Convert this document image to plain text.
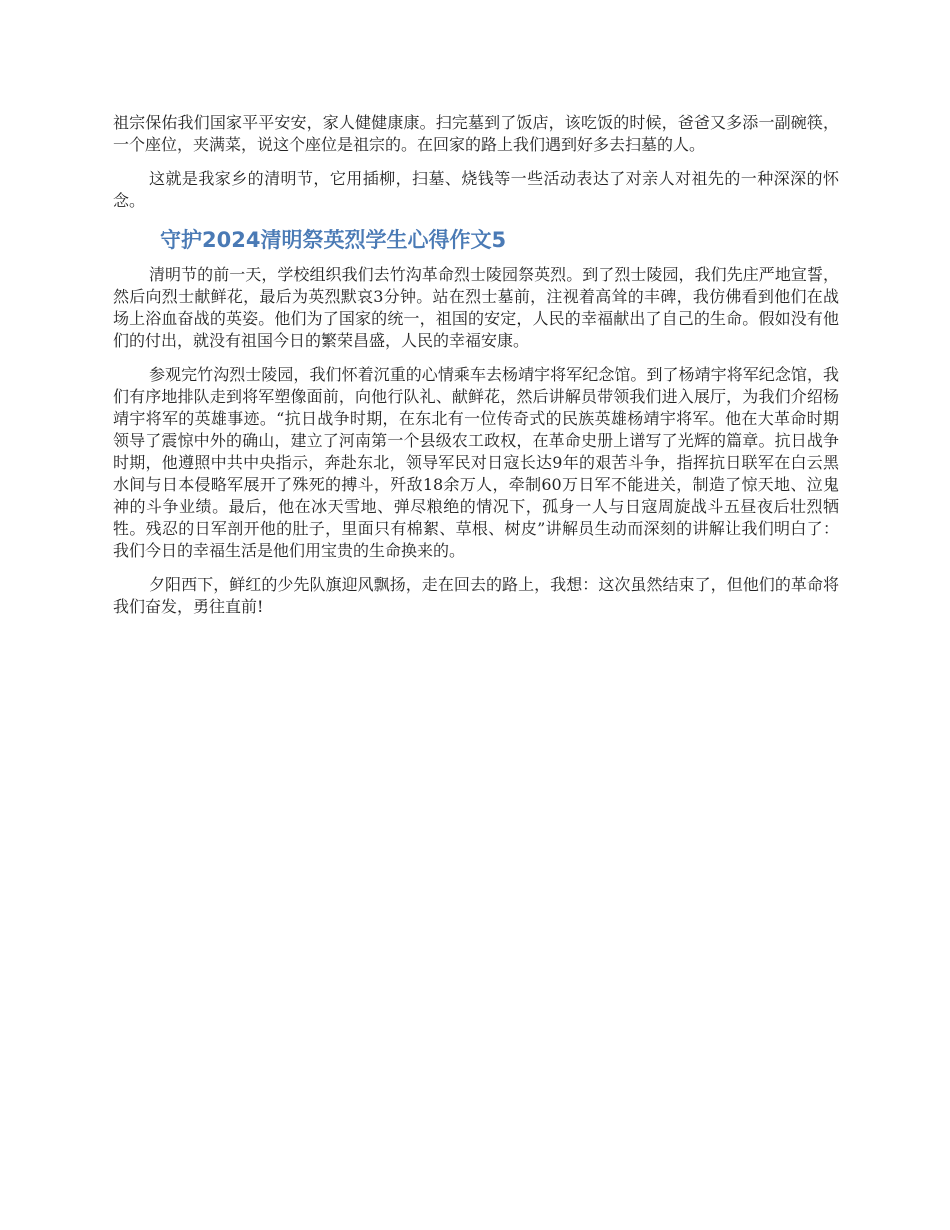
祖宗保佑我们国家平平安安，家人健健康康。扫完墓到了饭店，该吃饭的时候，爸爸又多添一副碗筷，一个座位，夹满菜，说这个座位是祖宗的。在回家的路上我们遇到好多去扫墓的人。

这就是我家乡的清明节，它用插柳，扫墓、烧钱等一些活动表达了对亲人对祖先的一种深深的怀念。

守护2024清明祭英烈学生心得作文5

清明节的前一天，学校组织我们去竹沟革命烈士陵园祭英烈。到了烈士陵园，我们先庄严地宣誓，然后向烈士献鲜花，最后为英烈默哀3分钟。站在烈士墓前，注视着高耸的丰碑，我仿佛看到他们在战场上浴血奋战的英姿。他们为了国家的统一，祖国的安定，人民的幸福献出了自己的生命。假如没有他们的付出，就没有祖国今日的繁荣昌盛，人民的幸福安康。

参观完竹沟烈士陵园，我们怀着沉重的心情乘车去杨靖宇将军纪念馆。到了杨靖宇将军纪念馆，我们有序地排队走到将军塑像面前，向他行队礼、献鲜花，然后讲解员带领我们进入展厅，为我们介绍杨靖宇将军的英雄事迹。“抗日战争时期，在东北有一位传奇式的民族英雄杨靖宇将军。他在大革命时期领导了震惊中外的确山，建立了河南第一个县级农工政权，在革命史册上谱写了光辉的篇章。抗日战争时期，他遵照中共中央指示，奔赴东北，领导军民对日寇长达9年的艰苦斗争，指挥抗日联军在白云黑水间与日本侵略军展开了殊死的搏斗，歼敌18余万人，牵制60万日军不能进关，制造了惊天地、泣鬼神的斗争业绩。最后，他在冰天雪地、弹尽粮绝的情况下，孤身一人与日寇周旋战斗五昼夜后壮烈牺牲。残忍的日军剖开他的肚子，里面只有棉絮、草根、树皮”讲解员生动而深刻的讲解让我们明白了：我们今日的幸福生活是他们用宝贵的生命换来的。

夕阳西下，鲜红的少先队旗迎风飘扬，走在回去的路上，我想：这次虽然结束了，但他们的革命将我们奋发，勇往直前!
